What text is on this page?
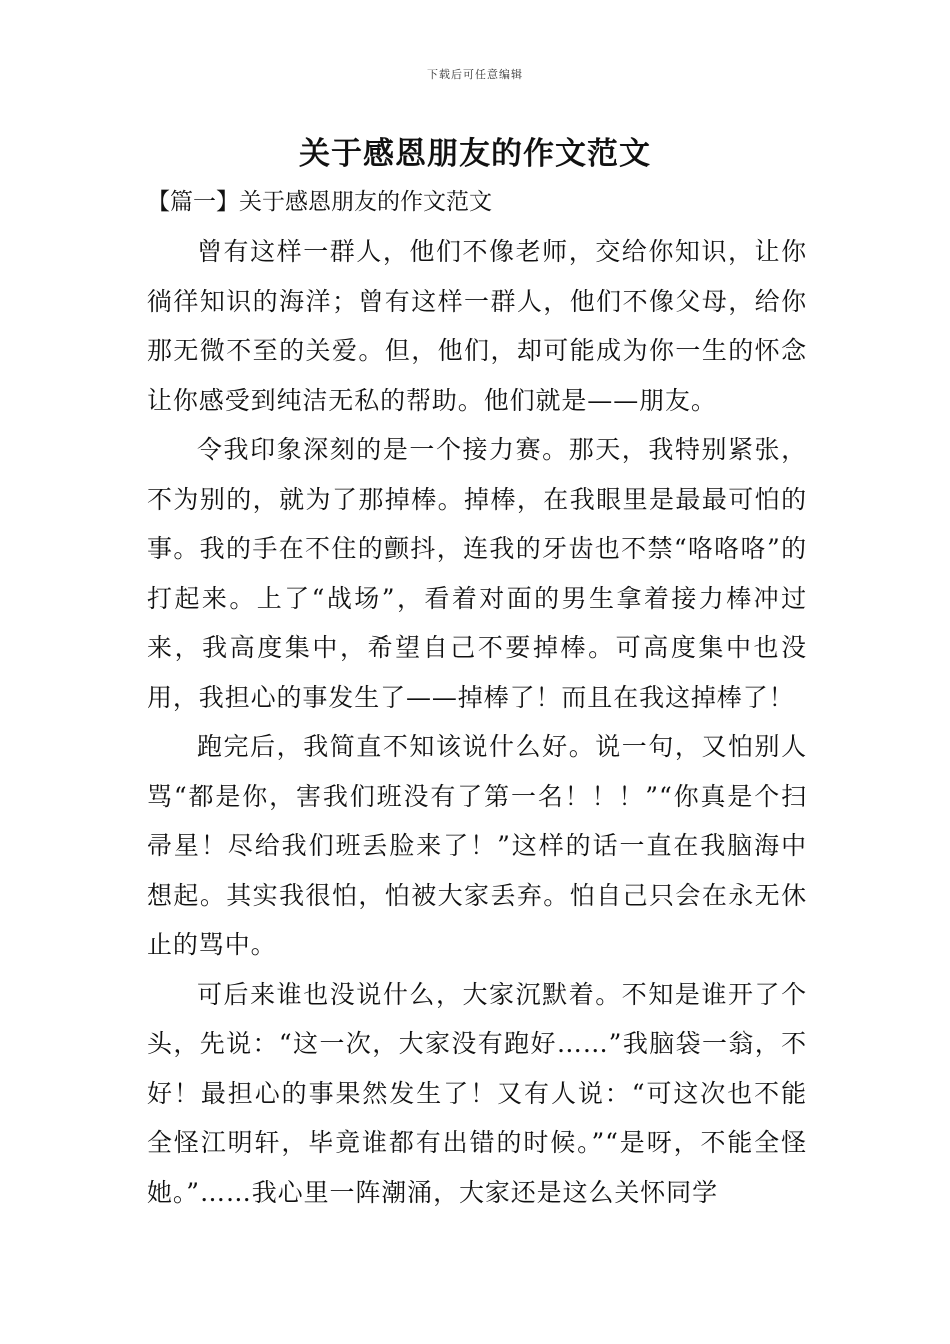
下载后可任意编辑
关于感恩朋友的作文范文
【篇一】关于感恩朋友的作文范文

曾有这样一群人，他们不像老师，交给你知识，让你徜徉知识的海洋；曾有这样一群人，他们不像父母，给你那无微不至的关爱。但，他们，却可能成为你一生的怀念让你感受到纯洁无私的帮助。他们就是——朋友。

令我印象深刻的是一个接力赛。那天，我特别紧张，不为别的，就为了那掉棒。掉棒，在我眼里是最最可怕的事。我的手在不住的颤抖，连我的牙齿也不禁“咯咯咯”的打起来。上了“战场”，看着对面的男生拿着接力棒冲过来，我高度集中，希望自己不要掉棒。可高度集中也没用，我担心的事发生了——掉棒了！而且在我这掉棒了！

跑完后，我简直不知该说什么好。说一句，又怕别人骂“都是你，害我们班没有了第一名！！！”“你真是个扫帚星！尽给我们班丢脸来了！”这样的话一直在我脑海中想起。其实我很怕，怕被大家丢弃。怕自己只会在永无休止的骂中。

可后来谁也没说什么，大家沉默着。不知是谁开了个头，先说：“这一次，大家没有跑好……”我脑袋一翁，不好！最担心的事果然发生了！又有人说：“可这次也不能全怪江明轩，毕竟谁都有出错的时候。”“是呀，不能全怪她。”……我心里一阵潮涌，大家还是这么关怀同学
